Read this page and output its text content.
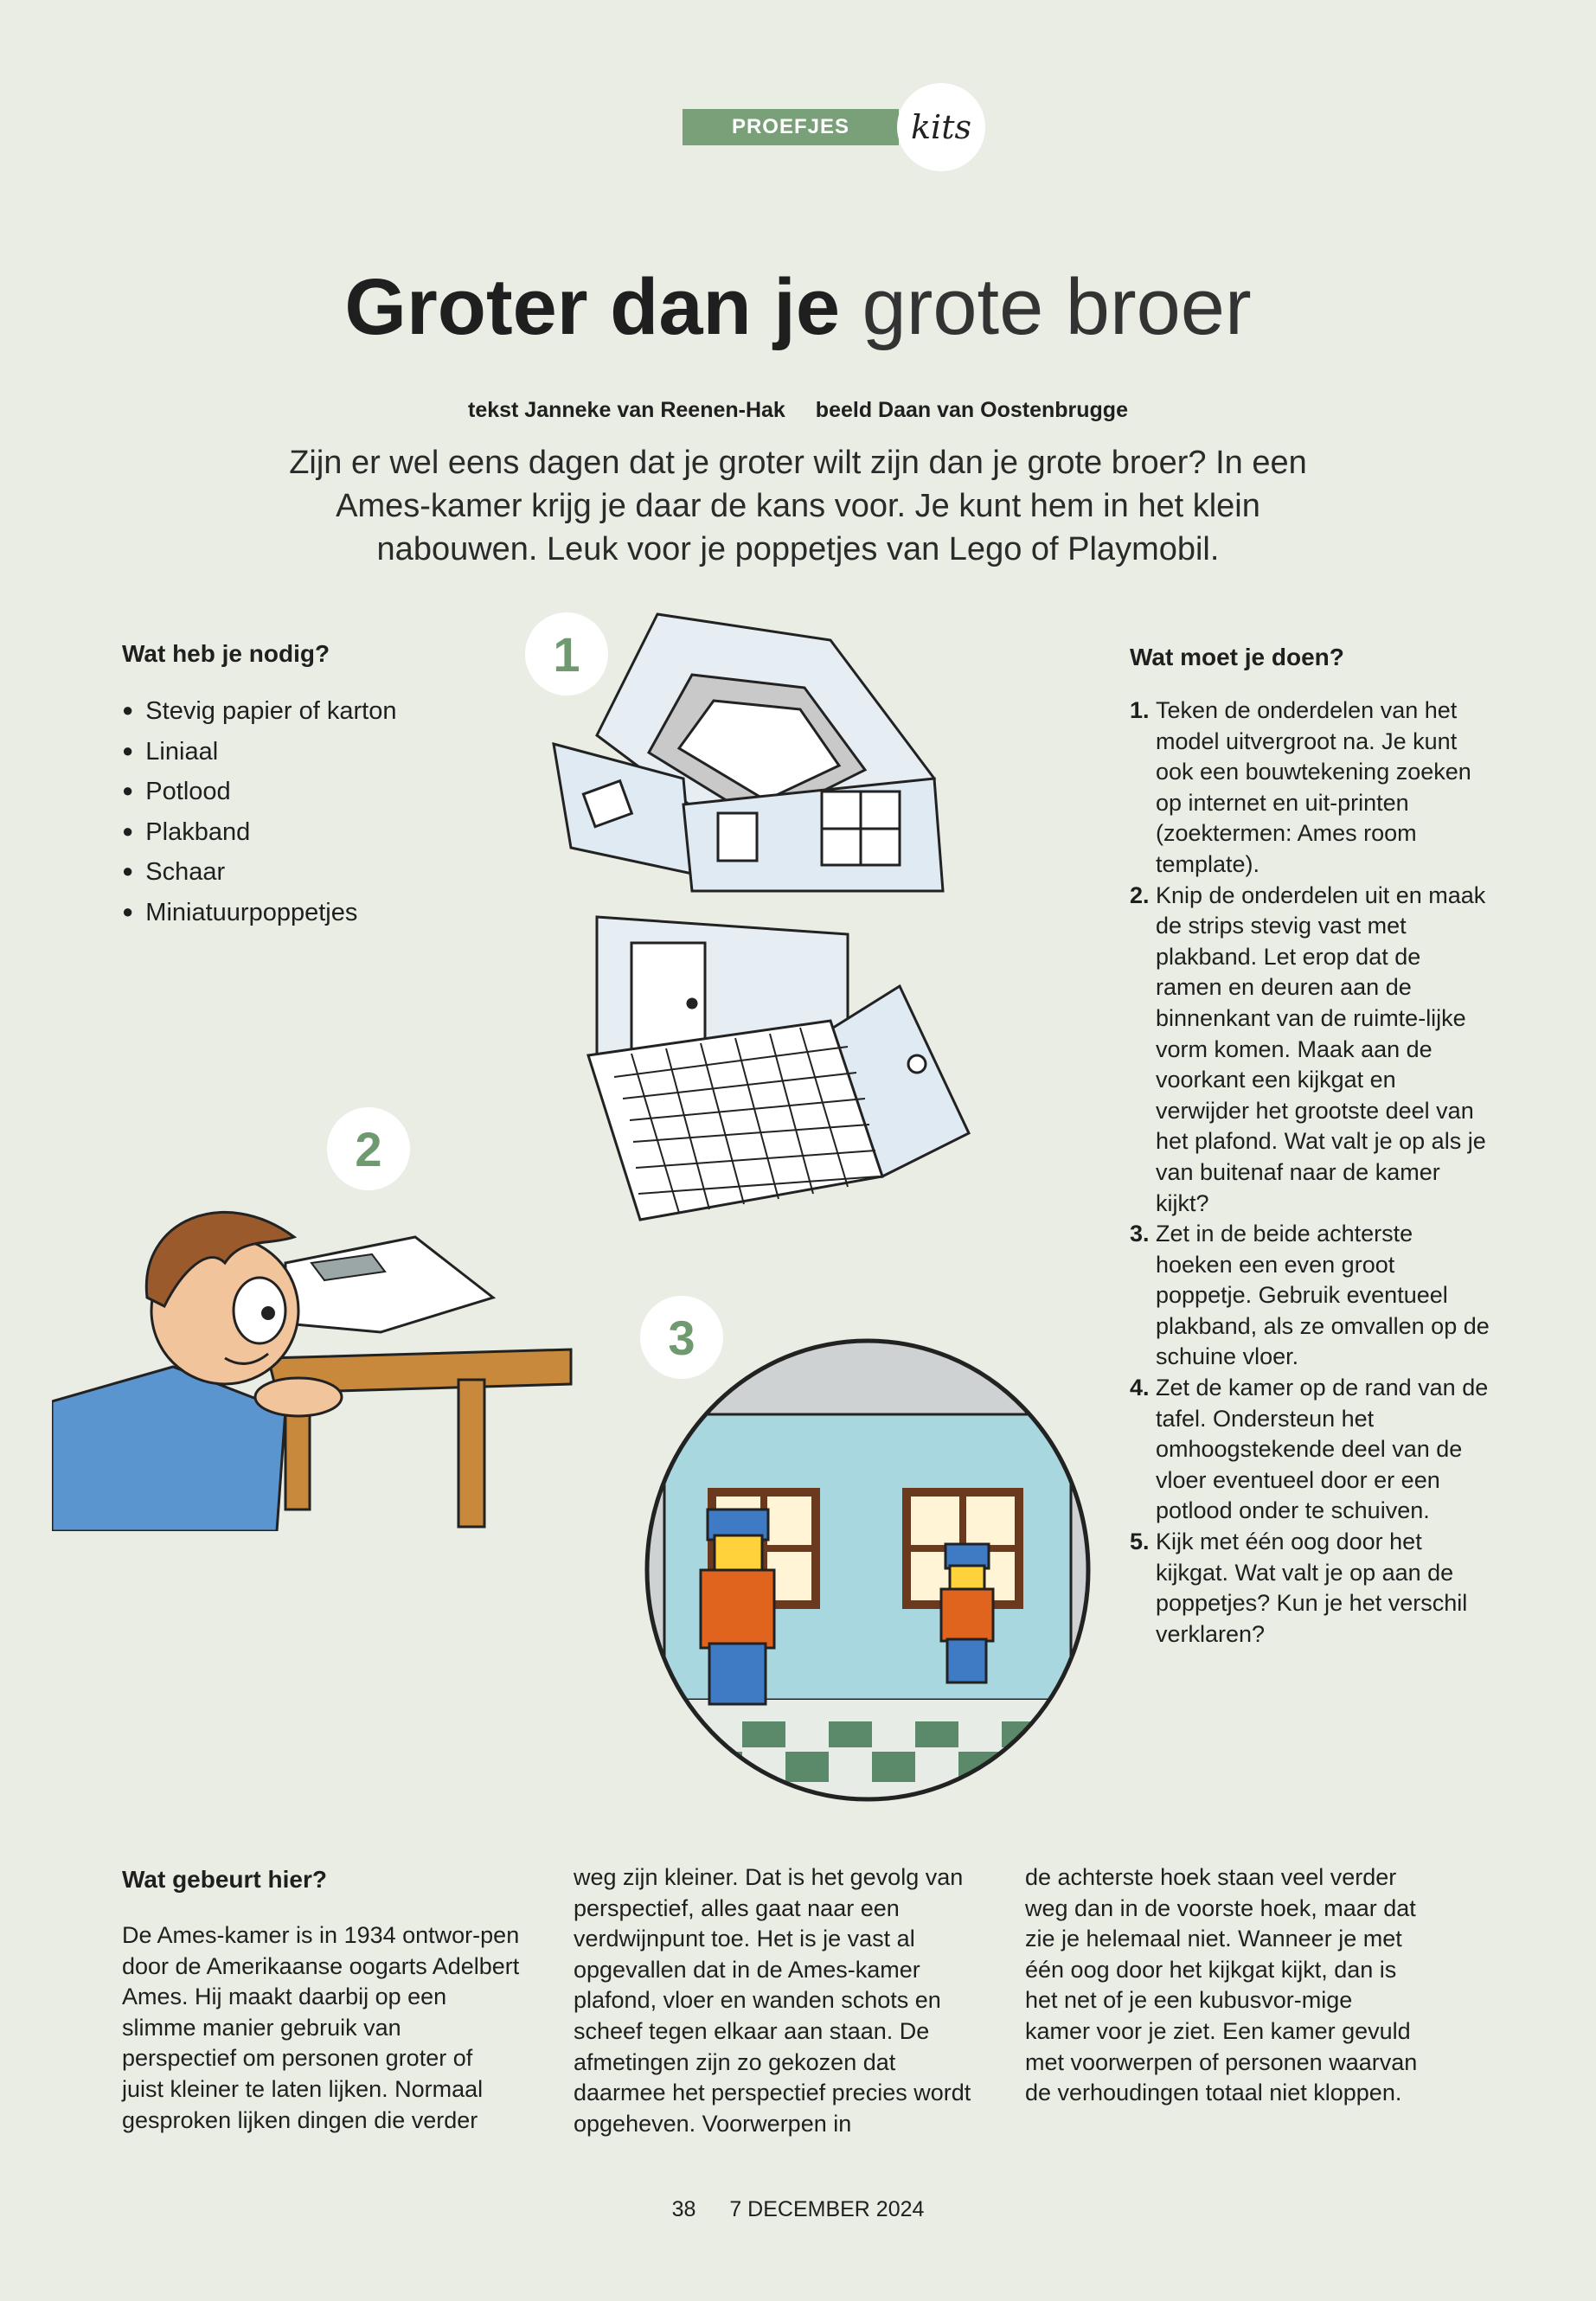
PROEFJES	kits
Groter dan je grote broer
tekst Janneke van Reenen-Hak beeld Daan van Oostenbrugge
Zijn er wel eens dagen dat je groter wilt zijn dan je grote broer? In een Ames-kamer krijg je daar de kans voor. Je kunt hem in het klein nabouwen. Leuk voor je poppetjes van Lego of Playmobil.
Wat heb je nodig?
● Stevig papier of karton
● Liniaal
● Potlood
● Plakband
● Schaar
● Miniatuurpoppetjes
Wat moet je doen?
1. Teken de onderdelen van het model uitvergroot na. Je kunt ook een bouwtekening zoeken op internet en uit-printen (zoektermen: Ames room template).
2. Knip de onderdelen uit en maak de strips stevig vast met plakband. Let erop dat de ramen en deuren aan de binnenkant van de ruimte-lijke vorm komen. Maak aan de voorkant een kijkgat en verwijder het grootste deel van het plafond. Wat valt je op als je van buitenaf naar de kamer kijkt?
3. Zet in de beide achterste hoeken een even groot poppetje. Gebruik eventueel plakband, als ze omvallen op de schuine vloer.
4. Zet de kamer op de rand van de tafel. Ondersteun het omhoogstekende deel van de vloer eventueel door er een potlood onder te schuiven.
5. Kijk met één oog door het kijkgat. Wat valt je op aan de poppetjes? Kun je het verschil verklaren?
1
2
3
Wat gebeurt hier?
De Ames-kamer is in 1934 ontwor-pen door de Amerikaanse oogarts Adelbert Ames. Hij maakt daarbij op een slimme manier gebruik van perspectief om personen groter of juist kleiner te laten lijken. Normaal gesproken lijken dingen die verder
weg zijn kleiner. Dat is het gevolg van perspectief, alles gaat naar een verdwijnpunt toe. Het is je vast al opgevallen dat in de Ames-kamer plafond, vloer en wanden schots en scheef tegen elkaar aan staan. De afmetingen zijn zo gekozen dat daarmee het perspectief precies wordt opgeheven. Voorwerpen in
de achterste hoek staan veel verder weg dan in de voorste hoek, maar dat zie je helemaal niet. Wanneer je met één oog door het kijkgat kijkt, dan is het net of je een kubusvor-mige kamer voor je ziet. Een kamer gevuld met voorwerpen of personen waarvan de verhoudingen totaal niet kloppen.
38 7 DECEMBER 2024
